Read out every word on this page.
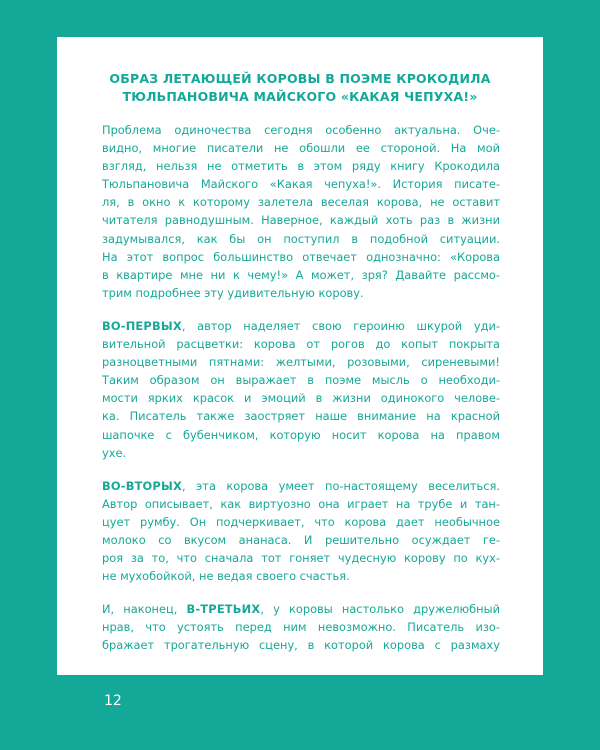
ОБРАЗ ЛЕТАЮЩЕЙ КОРОВЫ В ПОЭМЕ КРОКОДИЛА
ТЮЛЬПАНОВИЧА МАЙСКОГО «КАКАЯ ЧЕПУХА!»

Проблема одиночества сегодня особенно актуальна. Оче-
видно, многие писатели не обошли ее стороной. На мой
взгляд, нельзя не отметить в этом ряду книгу Крокодила
Тюльпановича Майского «Какая чепуха!». История писате-
ля, в окно к которому залетела веселая корова, не оставит
читателя равнодушным. Наверное, каждый хоть раз в жизни
задумывался, как бы он поступил в подобной ситуации.
На этот вопрос большинство отвечает однозначно: «Корова
в квартире мне ни к чему!» А может, зря? Давайте рассмо-
трим подробнее эту удивительную корову.

ВО-ПЕРВЫХ, автор наделяет свою героиню шкурой уди-
вительной расцветки: корова от рогов до копыт покрыта
разноцветными пятнами: желтыми, розовыми, сиреневыми!
Таким образом он выражает в поэме мысль о необходи-
мости ярких красок и эмоций в жизни одинокого челове-
ка. Писатель также заостряет наше внимание на красной
шапочке с бубенчиком, которую носит корова на правом
ухе.

ВО-ВТОРЫХ, эта корова умеет по-настоящему веселиться.
Автор описывает, как виртуозно она играет на трубе и тан-
цует румбу. Он подчеркивает, что корова дает необычное
молоко со вкусом ананаса. И решительно осуждает ге-
роя за то, что сначала тот гоняет чудесную корову по кух-
не мухобойкой, не ведая своего счастья.

И, наконец, В-ТРЕТЬИХ, у коровы настолько дружелюбный
нрав, что устоять перед ним невозможно. Писатель изо-
бражает трогательную сцену, в которой корова с размаху

12
